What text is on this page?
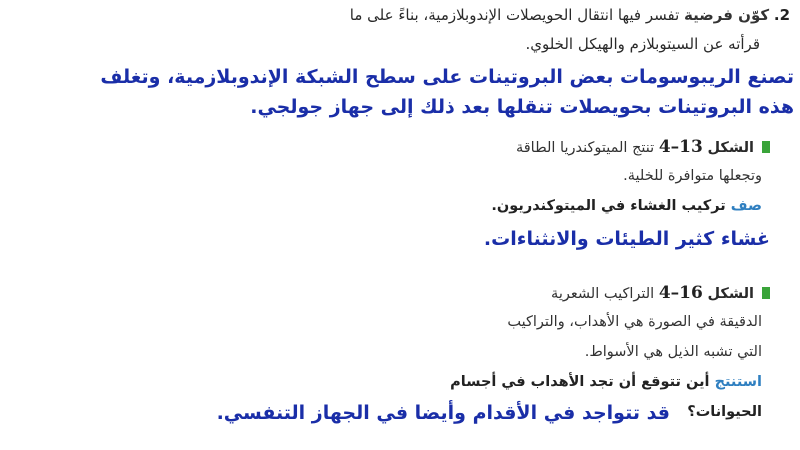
2. كوّن فرضية تفسر فيها انتقال الحويصلات الإندوبلازمية، بناءً على ما
قرأته عن السيتوبلازم والهيكل الخلوي.
تصنع الريبوسومات بعض البروتينات على سطح الشبكة الإندوبلازمية، وتغلف
هذه البروتينات بحويصلات تنقلها بعد ذلك إلى جهاز جولجي.
الشكل 13–4 تنتج الميتوكندريا الطاقة
وتجعلها متوافرة للخلية.
صف تركيب الغشاء في الميتوكندريون.
غشاء كثير الطيئات والانثناءات.
الشكل 16–4 التراكيب الشعرية
الدقيقة في الصورة هي الأهداب، والتراكيب
التي تشبه الذيل هي الأسواط.
استنتج أين تتوقع أن تجد الأهداب في أجسام
الحيوانات؟
قد تتواجد في الأقدام وأيضا في الجهاز التنفسي.
